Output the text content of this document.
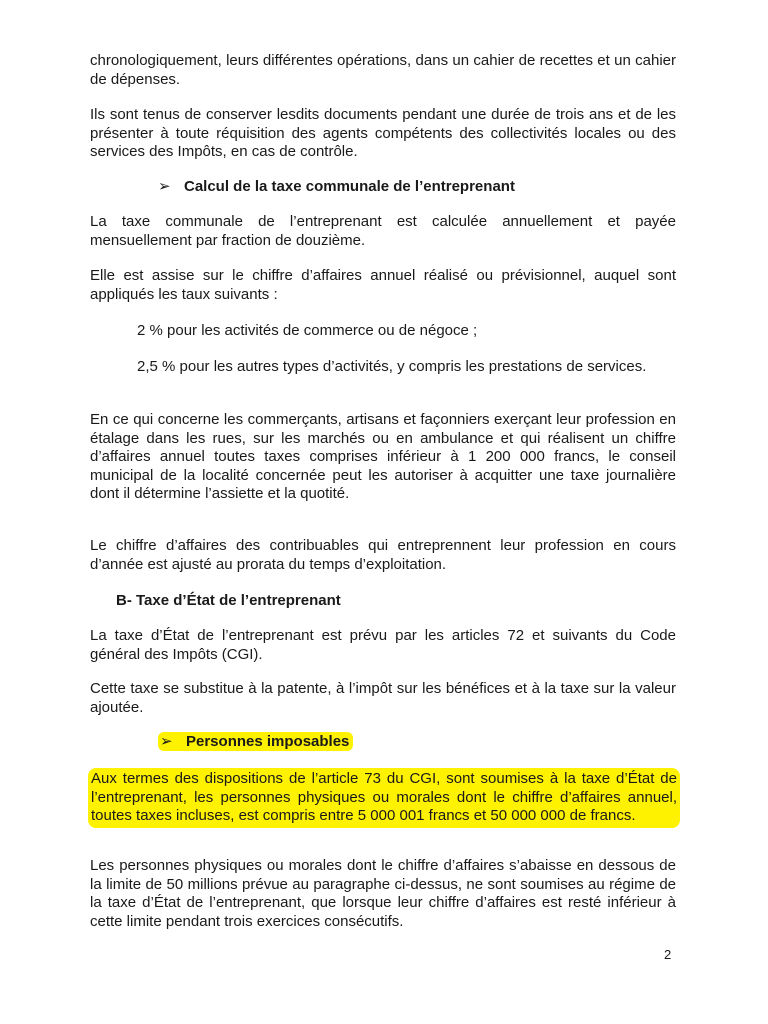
chronologiquement, leurs différentes opérations, dans un cahier de recettes et un cahier de dépenses.

Ils sont tenus de conserver lesdits documents pendant une durée de trois ans et de les présenter à toute réquisition des agents compétents des collectivités locales ou des services des Impôts, en cas de contrôle.

➢ Calcul de la taxe communale de l’entreprenant

La taxe communale de l’entreprenant est calculée annuellement et payée mensuellement par fraction de douzième.

Elle est assise sur le chiffre d’affaires annuel réalisé ou prévisionnel, auquel sont appliqués les taux suivants :

2 % pour les activités de commerce ou de négoce ;

2,5 % pour les autres types d’activités, y compris les prestations de services.

En ce qui concerne les commerçants, artisans et façonniers exerçant leur profession en étalage dans les rues, sur les marchés ou en ambulance et qui réalisent un chiffre d’affaires annuel toutes taxes comprises inférieur à 1 200 000 francs, le conseil municipal de la localité concernée peut les autoriser à acquitter une taxe journalière dont il détermine l’assiette et la quotité.

Le chiffre d’affaires des contribuables qui entreprennent leur profession en cours d’année est ajusté au prorata du temps d’exploitation.

B- Taxe d’État de l’entreprenant

La taxe d’État de l’entreprenant est prévu par les articles 72 et suivants du Code général des Impôts (CGI).

Cette taxe se substitue à la patente, à l’impôt sur les bénéfices et à la taxe sur la valeur ajoutée.

➢ Personnes imposables

Aux termes des dispositions de l’article 73 du CGI, sont soumises à la taxe d’État de l’entreprenant, les personnes physiques ou morales dont le chiffre d’affaires annuel, toutes taxes incluses, est compris entre 5 000 001 francs et 50 000 000 de francs.

Les personnes physiques ou morales dont le chiffre d’affaires s’abaisse en dessous de la limite de 50 millions prévue au paragraphe ci-dessus, ne sont soumises au régime de la taxe d’État de l’entreprenant, que lorsque leur chiffre d’affaires est resté inférieur à cette limite pendant trois exercices consécutifs.

2
